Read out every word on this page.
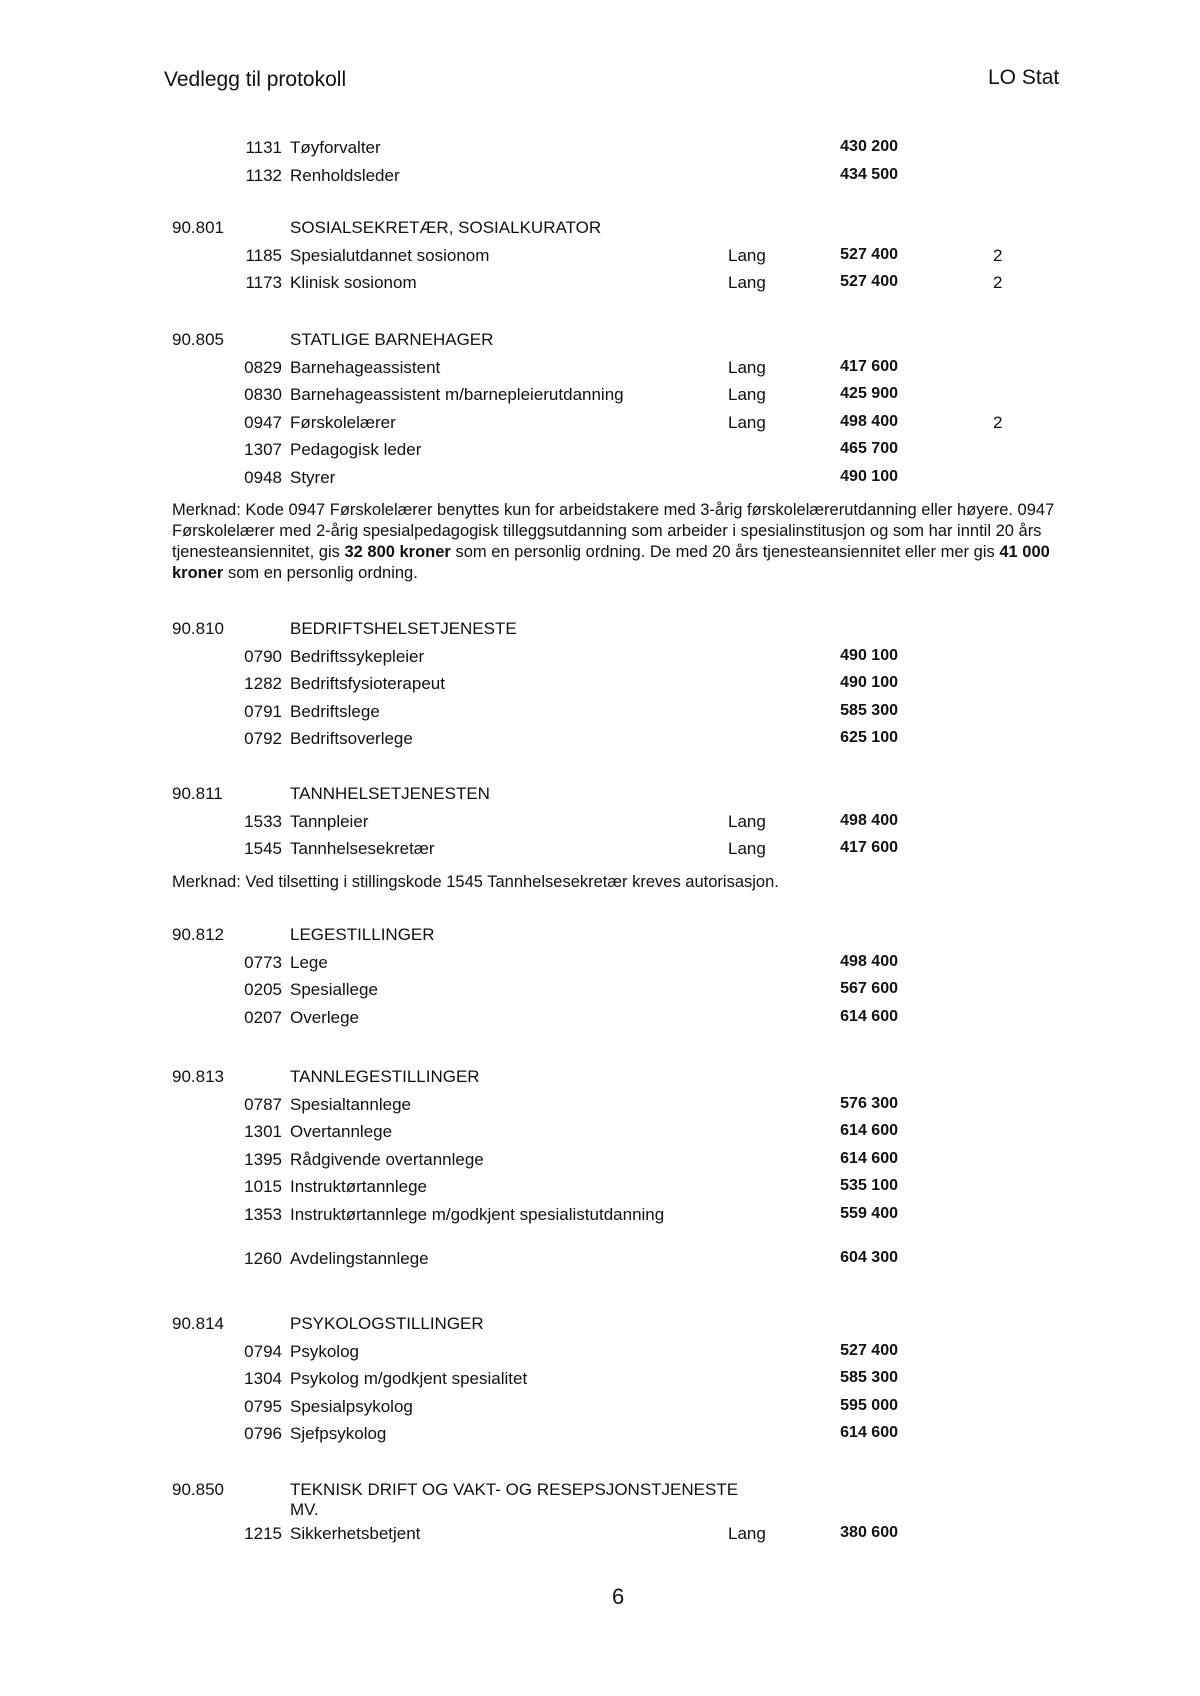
Vedlegg til protokoll	LO Stat
1131 Tøyforvalter	430 200
1132 Renholdsleder	434 500
90.801	SOSIALSEKRETÆR, SOSIALKURATOR
1185 Spesialutdannet sosionom	Lang	527 400	2
1173 Klinisk sosionom	Lang	527 400	2
90.805	STATLIGE BARNEHAGER
0829 Barnehageassistent	Lang	417 600
0830 Barnehageassistent m/barnepleierutdanning	Lang	425 900
0947 Førskolelærer	Lang	498 400	2
1307 Pedagogisk leder	465 700
0948 Styrer	490 100
90.810	BEDRIFTSHELSETJENESTE
0790 Bedriftssykepleier	490 100
1282 Bedriftsfysioterapeut	490 100
0791 Bedriftslege	585 300
0792 Bedriftsoverlege	625 100
90.811	TANNHELSETJENESTEN
1533 Tannpleier	Lang	498 400
1545 Tannhelsesekretær	Lang	417 600
90.812	LEGESTILLINGER
0773 Lege	498 400
0205 Spesiallege	567 600
0207 Overlege	614 600
90.813	TANNLEGESTILLINGER
0787 Spesialtannlege	576 300
1301 Overtannlege	614 600
1395 Rådgivende overtannlege	614 600
1015 Instruktørtannlege	535 100
1353 Instruktørtannlege m/godkjent spesialistutdanning	559 400
1260 Avdelingstannlege	604 300
90.814	PSYKOLOGSTILLINGER
0794 Psykolog	527 400
1304 Psykolog m/godkjent spesialitet	585 300
0795 Spesialpsykolog	595 000
0796 Sjefpsykolog	614 600
90.850	TEKNISK DRIFT OG VAKT- OG RESEPSJONSTJENESTE MV.
1215 Sikkerhetsbetjent	Lang	380 600
Merknad: Kode 0947 Førskolelærer benyttes kun for arbeidstakere med 3-årig førskolelærerutdanning eller høyere. 0947 Førskolelærer med 2-årig spesialpedagogisk tilleggsutdanning som arbeider i spesialinstitusjon og som har inntil 20 års tjenesteansiennitet, gis 32 800 kroner som en personlig ordning. De med 20 års tjenesteansiennitet eller mer gis 41 000 kroner som en personlig ordning.
Merknad: Ved tilsetting i stillingskode 1545 Tannhelsesekretær kreves autorisasjon.
6
